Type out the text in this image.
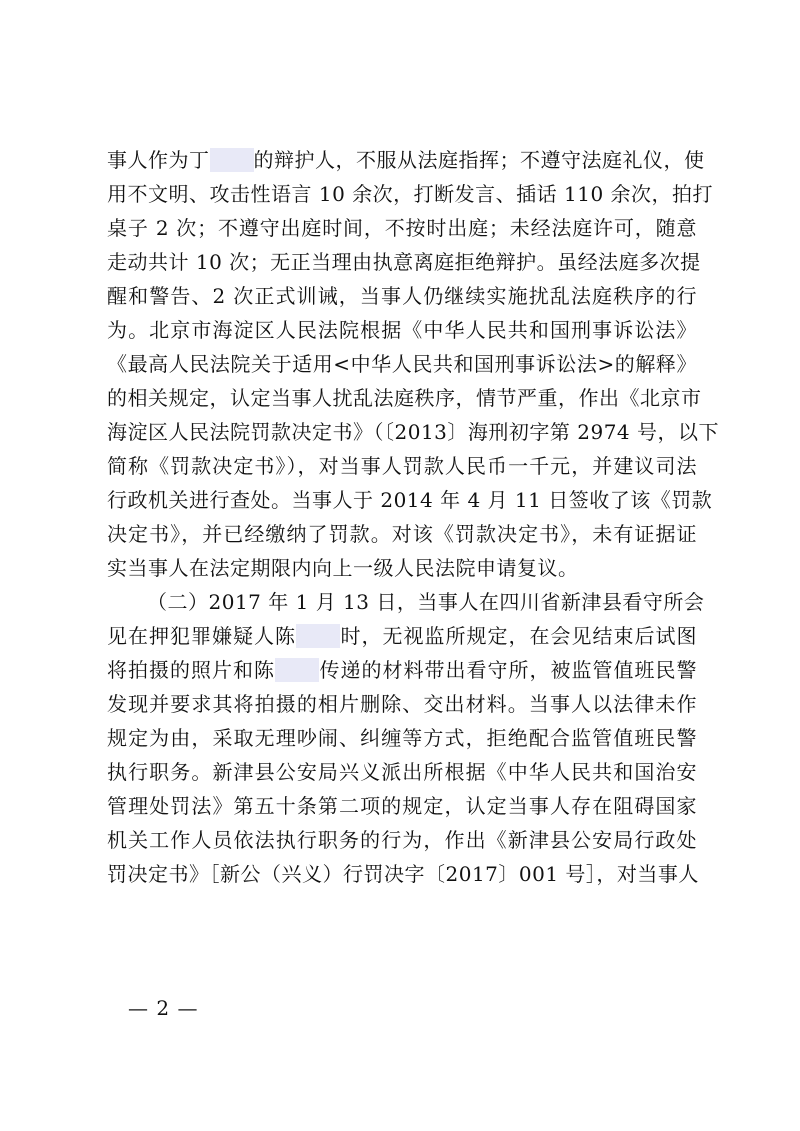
事人作为丁 的辩护人，不服从法庭指挥；不遵守法庭礼仪，使
用不文明、攻击性语言 10 余次，打断发言、插话 110 余次，拍打
桌子 2 次；不遵守出庭时间，不按时出庭；未经法庭许可，随意
走动共计 10 次；无正当理由执意离庭拒绝辩护。虽经法庭多次提
醒和警告、2 次正式训诫，当事人仍继续实施扰乱法庭秩序的行
为。北京市海淀区人民法院根据《中华人民共和国刑事诉讼法》
《最高人民法院关于适用<中华人民共和国刑事诉讼法>的解释》
的相关规定，认定当事人扰乱法庭秩序，情节严重，作出《北京市
海淀区人民法院罚款决定书》（〔2013〕海刑初字第 2974 号，以下
简称《罚款决定书》），对当事人罚款人民币一千元，并建议司法
行政机关进行查处。当事人于 2014 年 4 月 11 日签收了该《罚款
决定书》，并已经缴纳了罚款。对该《罚款决定书》，未有证据证
实当事人在法定期限内向上一级人民法院申请复议。
（二）2017 年 1 月 13 日，当事人在四川省新津县看守所会
见在押犯罪嫌疑人陈 时，无视监所规定，在会见结束后试图
将拍摄的照片和陈 传递的材料带出看守所，被监管值班民警
发现并要求其将拍摄的相片删除、交出材料。当事人以法律未作
规定为由，采取无理吵闹、纠缠等方式，拒绝配合监管值班民警
执行职务。新津县公安局兴义派出所根据《中华人民共和国治安
管理处罚法》第五十条第二项的规定，认定当事人存在阻碍国家
机关工作人员依法执行职务的行为，作出《新津县公安局行政处
罚决定书》［新公（兴义）行罚决字〔2017〕001 号］，对当事人
— 2 —
